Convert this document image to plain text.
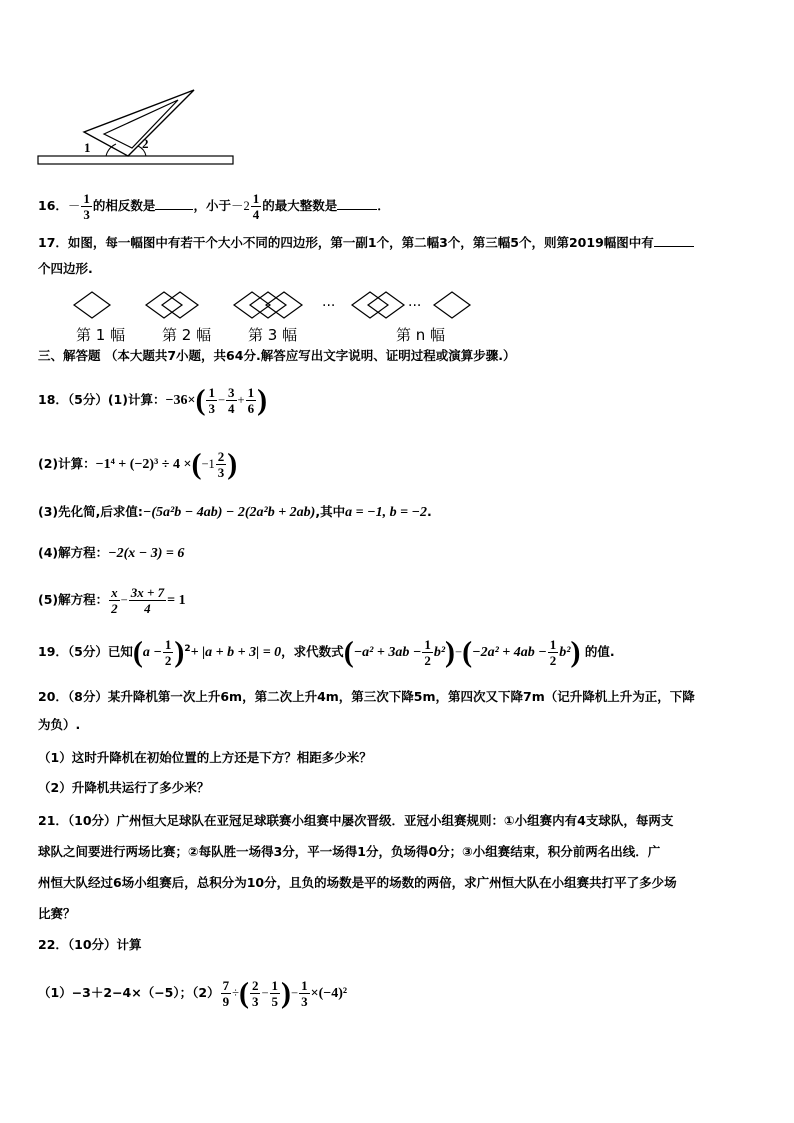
1	2
16．－ $\frac{1}{3}$ 的相反数是	，小于$-2 \frac{1}{4}$ 的最大整数是	．
17．如图，每一幅图中有若干个大小不同的四边形，第一副1个，第二幅3个，第三幅5个，则第2019幅图中有
个四边形.
···	···
第 1 幅 第 2 幅 第 3 幅	第 n 幅
三、解答题 （本大题共7小题，共64分.解答应写出文字说明、证明过程或演算步骤.）
18．（5分）(1)计算：$-36\times( \frac{1}{3} - \frac{3}{4} + \frac{1}{6}$ )
(2)计算：$-1^4 + (-2)^3 \div 4 \times(-1 \frac{2}{3}$ )
(3)先化简,后求值:−(5a²b − 4ab) − 2(2a²b + 2ab),其中a = −1, b = −2.
(4)解方程：−2(x − 3) = 6
(5)解方程： $\frac{x}{2} - \frac{3x + 7}{4} = 1$
19．（5分）已知$(a - \frac{1}{2} )^2+ |a + b + 3| = 0$，求代数式$(-a^2 + 3ab - \frac{1}{2} b^2)-(-2a^2 + 4ab - \frac{1}{2} b^2)$ 的值.
20．（8分）某升降机第一次上升6m，第二次上升4m，第三次下降5m，第四次又下降7m（记升降机上升为正，下降
为负）.
（1）这时升降机在初始位置的上方还是下方？相距多少米？
（2）升降机共运行了多少米？
21．（10分）广州恒大足球队在亚冠足球联赛小组赛中屡次晋级．亚冠小组赛规则：①小组赛内有4支球队，每两支
球队之间要进行两场比赛；②每队胜一场得3分，平一场得1分，负场得0分；③小组赛结束，积分前两名出线．广
州恒大队经过6场小组赛后，总积分为10分，且负的场数是平的场数的两倍，求广州恒大队在小组赛共打平了多少场
比赛？
22．（10分）计算
（1）−3＋2−4×（−5）；$(2) \frac{7}{9}$ ÷( $\frac{2}{3} - \frac{1}{5}$ )− $\frac{1}{3} \times(-4)^2$
